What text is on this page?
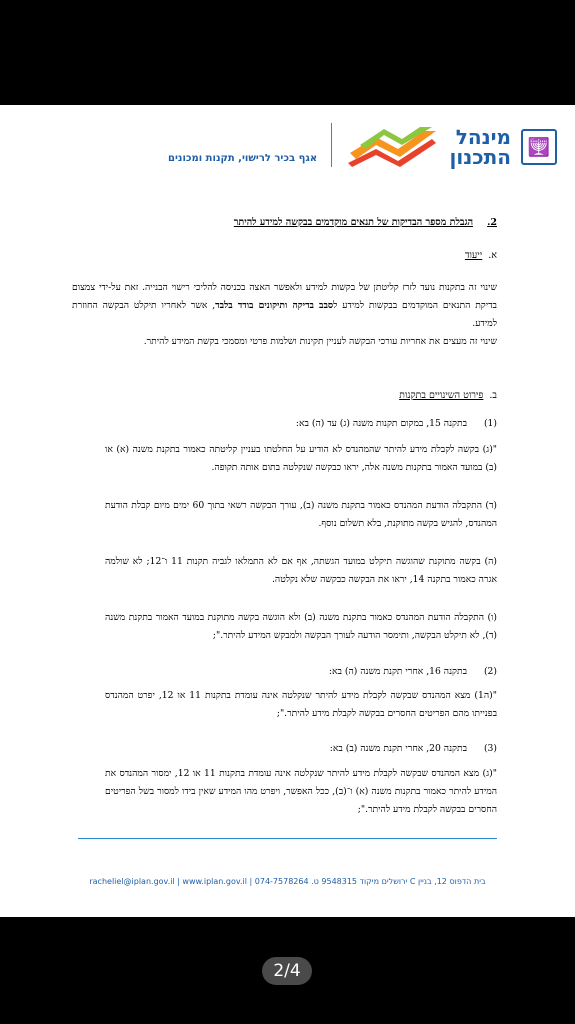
🕎
מינהל
התכנון
אגף בכיר לרישוי, תקנות ומכונים
2.הגבלת מספר הבדיקות של תנאים מוקדמים בבקשה למידע להיתר
א.ייעוד
שינוי זה בתקנות נועד לזרז קליטתן של בקשות למידע ולאפשר האצה בכניסה להליכי רישוי הבנייה. זאת על-ידי צמצום בדיקת התנאים המוקדמים בבקשות למידע לסבב בדיקה ותיקונים בודד בלבד, אשר לאחריו תיקלט הבקשה החוזרת למידע.
שינוי זה מעצים את אחריות עורכי הבקשה לעניין תקינות ושלמות פרטי ומסמכי בקשת המידע להיתר.
ב.פירוט השינויים בתקנות
(1)בתקנה 15, במקום תקנות משנה (ג) עד (ה) בא:
"(ג) בקשה לקבלת מידע להיתר שהמהנדס לא הודיע על החלטתו בעניין קליטתה כאמור בתקנת משנה (א) או (ב) במועד האמור בתקנות משנה אלה, יראו כבקשה שנקלטה בתום אותה תקופה.
(ד) התקבלה הודעת המהנדס כאמור בתקנת משנה (ב), עורך הבקשה רשאי בתוך 60 ימים מיום קבלת הודעת המהנדס, להגיש בקשה מתוקנת, בלא תשלום נוסף.
(ה) בקשה מתוקנת שהוגשה תיקלט במועד הגשתה, אף אם לא התמלאו לגביה תקנות 11 ו־12; לא שולמה אגרה כאמור בתקנה 14, יראו את הבקשה כבקשה שלא נקלטה.
(ו) התקבלה הודעת המהנדס כאמור בתקנת משנה (ב) ולא הוגשה בקשה מתוקנת במועד האמור בתקנת משנה (ד), לא תיקלט הבקשה, ותימסר הודעה לעורך הבקשה ולמבקש המידע להיתר.";
(2)בתקנה 16, אחרי תקנת משנה (ה) בא:
"(ה1) מצא המהנדס שבקשה לקבלת מידע להיתר שנקלטה אינה עומדת בתקנות 11 או 12, יפרט המהנדס בפנייתו מהם הפריטים החסרים בבקשה לקבלת מידע להיתר.";
(3)בתקנה 20, אחרי תקנת משנה (ב) בא:
"(ג) מצא המהנדס שבקשה לקבלת מידע להיתר שנקלטה אינה עומדת בתקנות 11 או 12, ימסור המהנדס את המידע להיתר כאמור בתקנות משנה (א) ו־(ב), ככל האפשר, ויפרט מהו המידע שאין בידו למסור בשל הפריטים החסרים בבקשה לקבלת מידע להיתר.";
בית הדפוס 12, בניין C ירושלים מיקוד 9548315 ט. 074-7578264 | racheliel@iplan.gov.il | www.iplan.gov.il
2/4
